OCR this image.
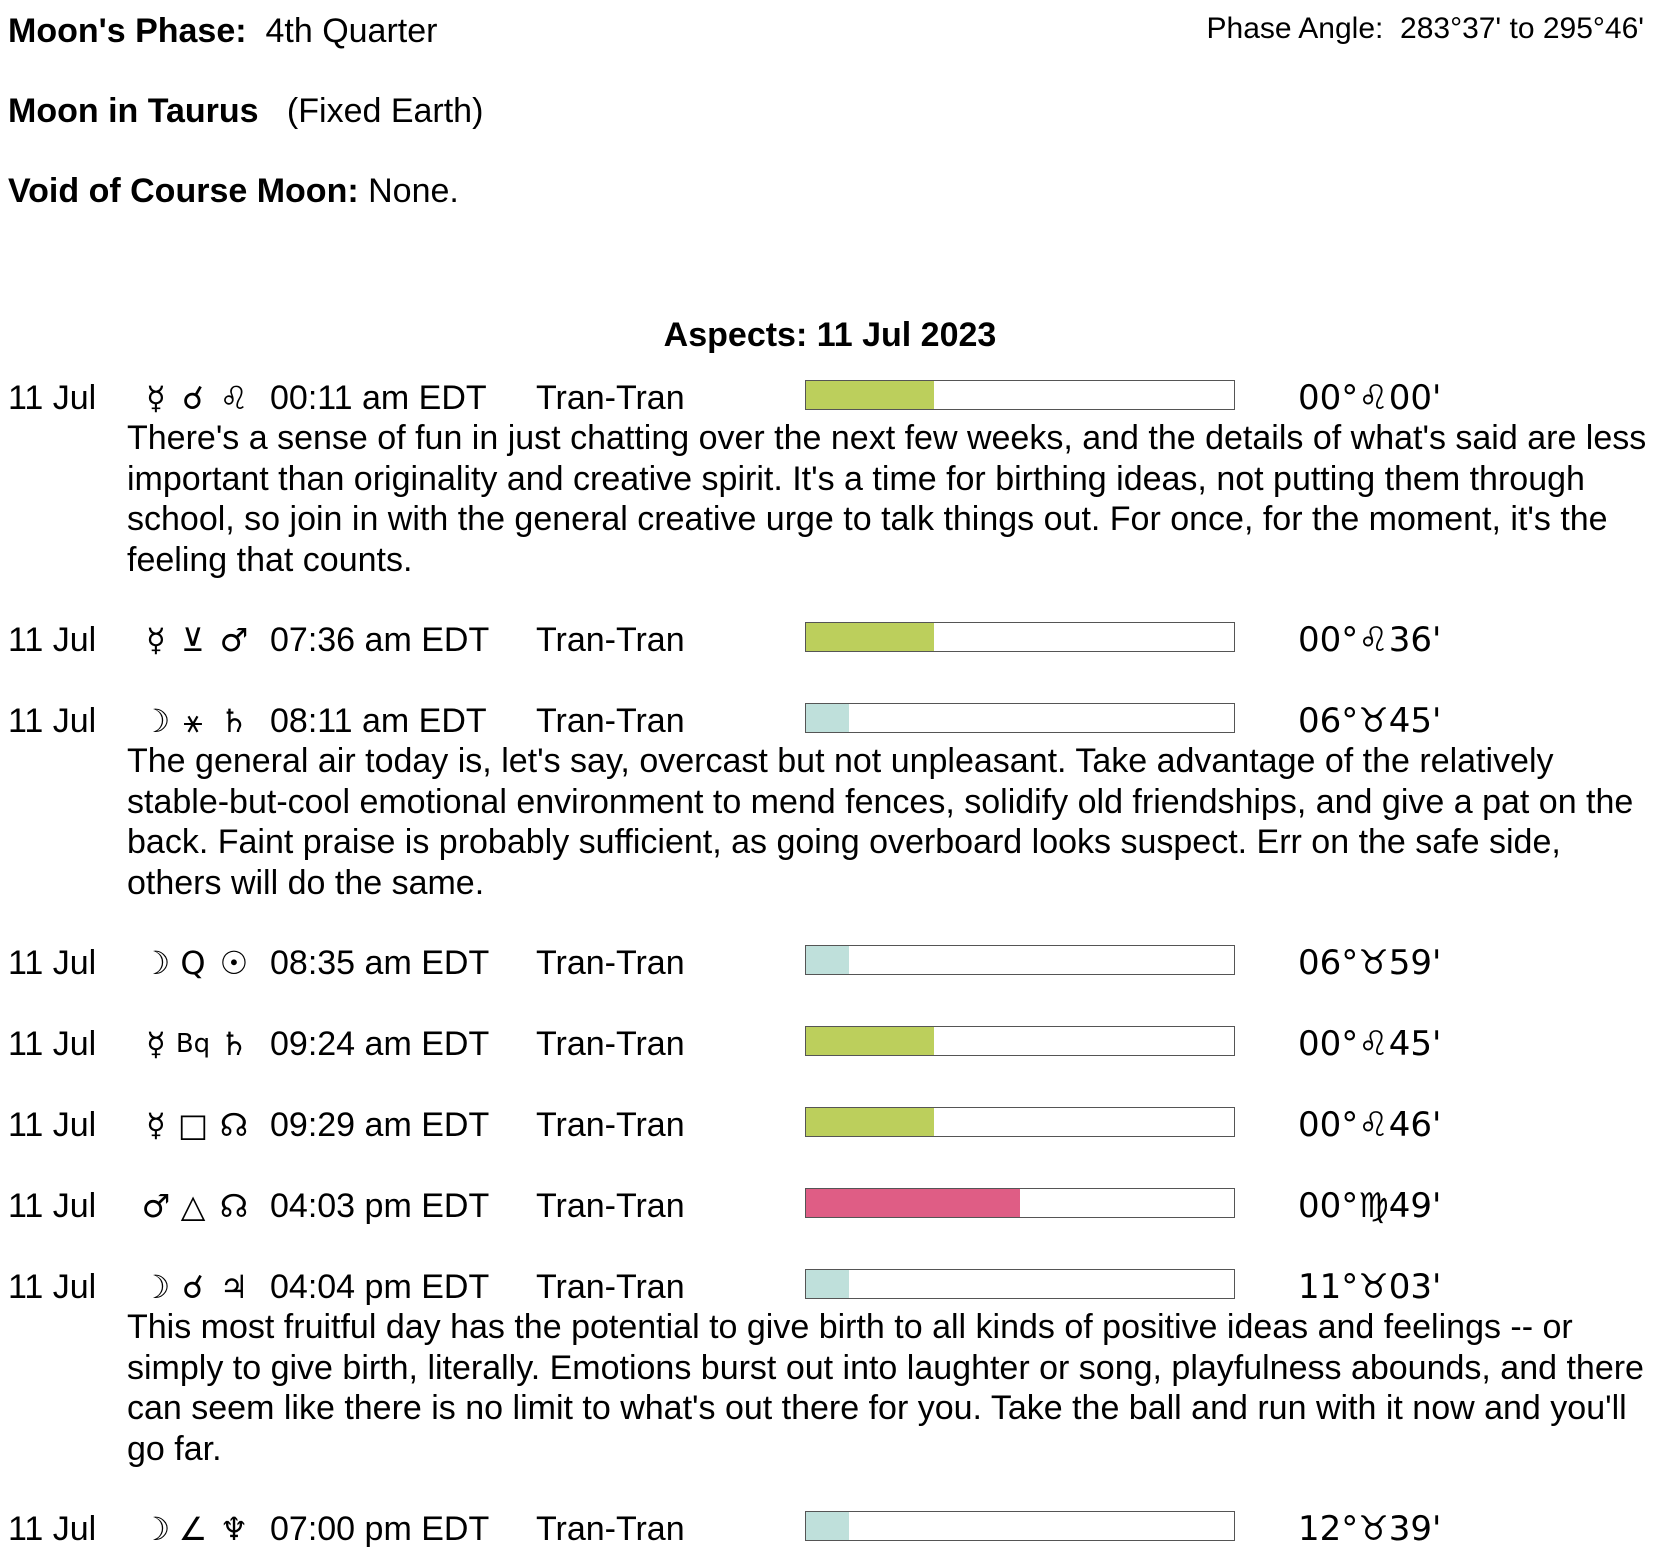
Moon's Phase: 4th Quarter	Phase Angle: 283°37' to 295°46'
Moon in Taurus (Fixed Earth)
Void of Course Moon: None.
Aspects: 11 Jul 2023
11 Jul	☿ ☌ ♌ 00:11 am EDT Tran-Tran	00°♌00'
There's a sense of fun in just chatting over the next few weeks, and the details of what's said are less important than originality and creative spirit. It's a time for birthing ideas, not putting them through school, so join in with the general creative urge to talk things out. For once, for the moment, it's the feeling that counts.
11 Jul	☿ ⊻ ♂ 07:36 am EDT Tran-Tran	00°♌36'
11 Jul ☽ ⚹ ♄ 08:11 am EDT Tran-Tran	06°♉45'
The general air today is, let's say, overcast but not unpleasant. Take advantage of the relatively stable-but-cool emotional environment to mend fences, solidify old friendships, and give a pat on the back. Faint praise is probably sufficient, as going overboard looks suspect. Err on the safe side, others will do the same.
11 Jul ☽ Q ☉ 08:35 am EDT Tran-Tran	06°♉59'
11 Jul	☿ Bq ♄ 09:24 am EDT Tran-Tran	00°♌45'
11 Jul	☿ □ ☊ 09:29 am EDT Tran-Tran	00°♌46'
11 Jul ♂ △ ☊ 04:03 pm EDT Tran-Tran	00°♍49'
11 Jul ☽ ☌ ♃ 04:04 pm EDT Tran-Tran	11°♉03'
This most fruitful day has the potential to give birth to all kinds of positive ideas and feelings -- or simply to give birth, literally. Emotions burst out into laughter or song, playfulness abounds, and there can seem like there is no limit to what's out there for you. Take the ball and run with it now and you'll go far.
11 Jul ☽ ∠ ♆ 07:00 pm EDT Tran-Tran	12°♉39'
